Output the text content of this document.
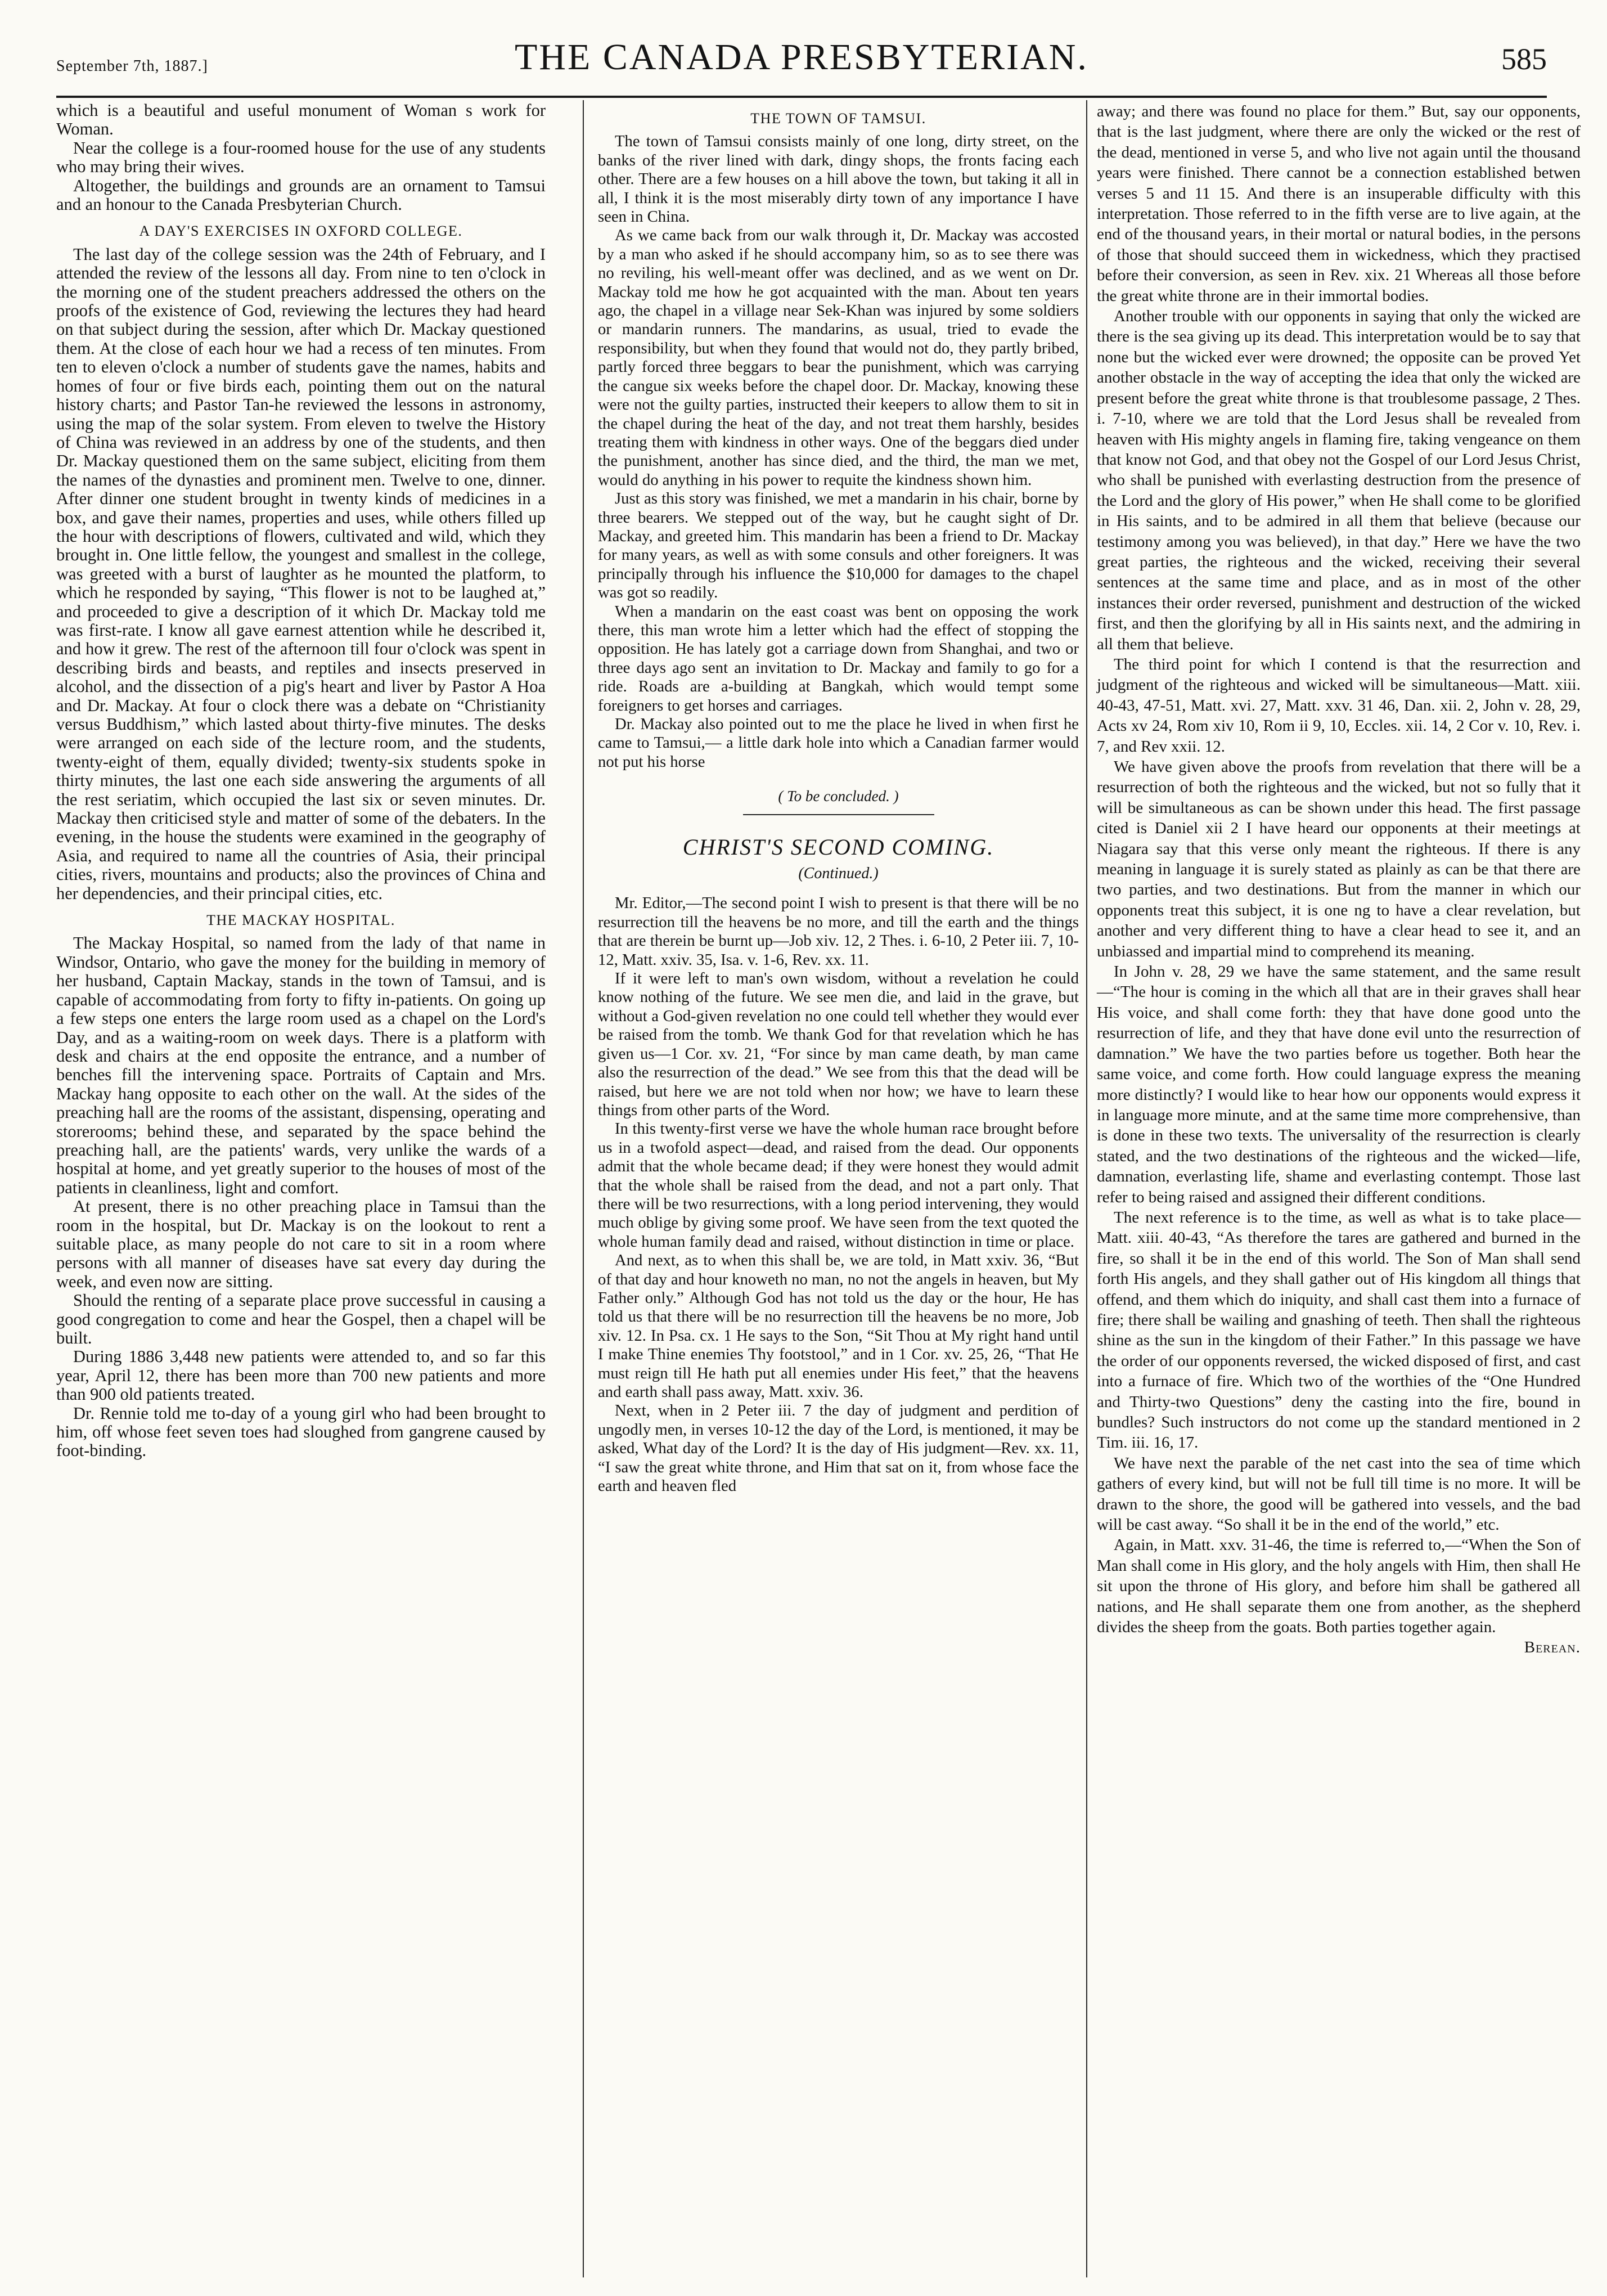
September 7th, 1887.]	THE CANADA PRESBYTERIAN.	585

which is a beautiful and useful monument of Woman s work for Woman.

Near the college is a four-roomed house for the use of any students who may bring their wives.

Altogether, the buildings and grounds are an ornament to Tamsui and an honour to the Canada Presbyterian Church.

A DAY'S EXERCISES IN OXFORD COLLEGE.

The last day of the college session was the 24th of February, and I attended the review of the lessons all day. From nine to ten o'clock in the morning one of the student preachers addressed the others on the proofs of the existence of God, reviewing the lectures they had heard on that subject during the session, after which Dr. Mackay questioned them. At the close of each hour we had a recess of ten minutes. From ten to eleven o'clock a number of students gave the names, habits and homes of four or five birds each, pointing them out on the natural history charts; and Pastor Tan-he reviewed the lessons in astronomy, using the map of the solar system. From eleven to twelve the History of China was reviewed in an address by one of the students, and then Dr. Mackay questioned them on the same subject, eliciting from them the names of the dynasties and prominent men. Twelve to one, dinner. After dinner one student brought in twenty kinds of medicines in a box, and gave their names, properties and uses, while others filled up the hour with descriptions of flowers, cultivated and wild, which they brought in. One little fellow, the youngest and smallest in the college, was greeted with a burst of laughter as he mounted the platform, to which he responded by saying, “This flower is not to be laughed at,” and proceeded to give a description of it which Dr. Mackay told me was first-rate. I know all gave earnest attention while he described it, and how it grew. The rest of the afternoon till four o'clock was spent in describing birds and beasts, and reptiles and insects preserved in alcohol, and the dissection of a pig's heart and liver by Pastor A Hoa and Dr. Mackay. At four o clock there was a debate on “Christianity versus Buddhism,” which lasted about thirty-five minutes. The desks were arranged on each side of the lecture room, and the students, twenty-eight of them, equally divided; twenty-six students spoke in thirty minutes, the last one each side answering the arguments of all the rest seriatim, which occupied the last six or seven minutes. Dr. Mackay then criticised style and matter of some of the debaters. In the evening, in the house the students were examined in the geography of Asia, and required to name all the countries of Asia, their principal cities, rivers, mountains and products; also the provinces of China and her dependencies, and their principal cities, etc.

THE MACKAY HOSPITAL.

The Mackay Hospital, so named from the lady of that name in Windsor, Ontario, who gave the money for the building in memory of her husband, Captain Mackay, stands in the town of Tamsui, and is capable of accommodating from forty to fifty in-patients. On going up a few steps one enters the large room used as a chapel on the Lord's Day, and as a waiting-room on week days. There is a platform with desk and chairs at the end opposite the entrance, and a number of benches fill the intervening space. Portraits of Captain and Mrs. Mackay hang opposite to each other on the wall. At the sides of the preaching hall are the rooms of the assistant, dispensing, operating and storerooms; behind these, and separated by the space behind the preaching hall, are the patients' wards, very unlike the wards of a hospital at home, and yet greatly superior to the houses of most of the patients in cleanliness, light and comfort.

At present, there is no other preaching place in Tamsui than the room in the hospital, but Dr. Mackay is on the lookout to rent a suitable place, as many people do not care to sit in a room where persons with all manner of diseases have sat every day during the week, and even now are sitting.

Should the renting of a separate place prove successful in causing a good congregation to come and hear the Gospel, then a chapel will be built.

During 1886 3,448 new patients were attended to, and so far this year, April 12, there has been more than 700 new patients and more than 900 old patients treated.

Dr. Rennie told me to-day of a young girl who had been brought to him, off whose feet seven toes had sloughed from gangrene caused by foot-binding.

THE TOWN OF TAMSUI.

The town of Tamsui consists mainly of one long, dirty street, on the banks of the river lined with dark, dingy shops, the fronts facing each other. There are a few houses on a hill above the town, but taking it all in all, I think it is the most miserably dirty town of any importance I have seen in China.

As we came back from our walk through it, Dr. Mackay was accosted by a man who asked if he should accompany him, so as to see there was no reviling, his well-meant offer was declined, and as we went on Dr. Mackay told me how he got acquainted with the man. About ten years ago, the chapel in a village near Sek-Khan was injured by some soldiers or mandarin runners. The mandarins, as usual, tried to evade the responsibility, but when they found that would not do, they partly bribed, partly forced three beggars to bear the punishment, which was carrying the cangue six weeks before the chapel door. Dr. Mackay, knowing these were not the guilty parties, instructed their keepers to allow them to sit in the chapel during the heat of the day, and not treat them harshly, besides treating them with kindness in other ways. One of the beggars died under the punishment, another has since died, and the third, the man we met, would do anything in his power to requite the kindness shown him.

Just as this story was finished, we met a mandarin in his chair, borne by three bearers. We stepped out of the way, but he caught sight of Dr. Mackay, and greeted him. This mandarin has been a friend to Dr. Mackay for many years, as well as with some consuls and other foreigners. It was principally through his influence the $10,000 for damages to the chapel was got so readily.

When a mandarin on the east coast was bent on opposing the work there, this man wrote him a letter which had the effect of stopping the opposition. He has lately got a carriage down from Shanghai, and two or three days ago sent an invitation to Dr. Mackay and family to go for a ride. Roads are a-building at Bangkah, which would tempt some foreigners to get horses and carriages.

Dr. Mackay also pointed out to me the place he lived in when first he came to Tamsui,— a little dark hole into which a Canadian farmer would not put his horse

( To be concluded. )
CHRIST'S SECOND COMING.
(Continued.)

Mr. Editor,—The second point I wish to present is that there will be no resurrection till the heavens be no more, and till the earth and the things that are therein be burnt up—Job xiv. 12, 2 Thes. i. 6-10, 2 Peter iii. 7, 10-12, Matt. xxiv. 35, Isa. v. 1-6, Rev. xx. 11.

If it were left to man's own wisdom, without a revelation he could know nothing of the future. We see men die, and laid in the grave, but without a God-given revelation no one could tell whether they would ever be raised from the tomb. We thank God for that revelation which he has given us—1 Cor. xv. 21, “For since by man came death, by man came also the resurrection of the dead.” We see from this that the dead will be raised, but here we are not told when nor how; we have to learn these things from other parts of the Word.

In this twenty-first verse we have the whole human race brought before us in a twofold aspect—dead, and raised from the dead. Our opponents admit that the whole became dead; if they were honest they would admit that the whole shall be raised from the dead, and not a part only. That there will be two resurrections, with a long period intervening, they would much oblige by giving some proof. We have seen from the text quoted the whole human family dead and raised, without distinction in time or place.

And next, as to when this shall be, we are told, in Matt xxiv. 36, “But of that day and hour knoweth no man, no not the angels in heaven, but My Father only.” Although God has not told us the day or the hour, He has told us that there will be no resurrection till the heavens be no more, Job xiv. 12. In Psa. cx. 1 He says to the Son, “Sit Thou at My right hand until I make Thine enemies Thy footstool,” and in 1 Cor. xv. 25, 26, “That He must reign till He hath put all enemies under His feet,” that the heavens and earth shall pass away, Matt. xxiv. 36.

Next, when in 2 Peter iii. 7 the day of judgment and perdition of ungodly men, in verses 10-12 the day of the Lord, is mentioned, it may be asked, What day of the Lord? It is the day of His judgment—Rev. xx. 11, “I saw the great white throne, and Him that sat on it, from whose face the earth and heaven fled

away; and there was found no place for them.” But, say our opponents, that is the last judgment, where there are only the wicked or the rest of the dead, mentioned in verse 5, and who live not again until the thousand years were finished. There cannot be a connection established betwen verses 5 and 11 15. And there is an insuperable difficulty with this interpretation. Those referred to in the fifth verse are to live again, at the end of the thousand years, in their mortal or natural bodies, in the persons of those that should succeed them in wickedness, which they practised before their conversion, as seen in Rev. xix. 21 Whereas all those before the great white throne are in their immortal bodies.

Another trouble with our opponents in saying that only the wicked are there is the sea giving up its dead. This interpretation would be to say that none but the wicked ever were drowned; the opposite can be proved Yet another obstacle in the way of accepting the idea that only the wicked are present before the great white throne is that troublesome passage, 2 Thes. i. 7-10, where we are told that the Lord Jesus shall be revealed from heaven with His mighty angels in flaming fire, taking vengeance on them that know not God, and that obey not the Gospel of our Lord Jesus Christ, who shall be punished with everlasting destruction from the presence of the Lord and the glory of His power,” when He shall come to be glorified in His saints, and to be admired in all them that believe (because our testimony among you was believed), in that day.” Here we have the two great parties, the righteous and the wicked, receiving their several sentences at the same time and place, and as in most of the other instances their order reversed, punishment and destruction of the wicked first, and then the glorifying by all in His saints next, and the admiring in all them that believe.

The third point for which I contend is that the resurrection and judgment of the righteous and wicked will be simultaneous—Matt. xiii. 40-43, 47-51, Matt. xvi. 27, Matt. xxv. 31 46, Dan. xii. 2, John v. 28, 29, Acts xv 24, Rom xiv 10, Rom ii 9, 10, Eccles. xii. 14, 2 Cor v. 10, Rev. i. 7, and Rev xxii. 12.

We have given above the proofs from revelation that there will be a resurrection of both the righteous and the wicked, but not so fully that it will be simultaneous as can be shown under this head. The first passage cited is Daniel xii 2 I have heard our opponents at their meetings at Niagara say that this verse only meant the righteous. If there is any meaning in language it is surely stated as plainly as can be that there are two parties, and two destinations. But from the manner in which our opponents treat this subject, it is one ng to have a clear revelation, but another and very different thing to have a clear head to see it, and an unbiassed and impartial mind to comprehend its meaning.

In John v. 28, 29 we have the same statement, and the same result—“The hour is coming in the which all that are in their graves shall hear His voice, and shall come forth: they that have done good unto the resurrection of life, and they that have done evil unto the resurrection of damnation.” We have the two parties before us together. Both hear the same voice, and come forth. How could language express the meaning more distinctly? I would like to hear how our opponents would express it in language more minute, and at the same time more comprehensive, than is done in these two texts. The universality of the resurrection is clearly stated, and the two destinations of the righteous and the wicked—life, damnation, everlasting life, shame and everlasting contempt. Those last refer to being raised and assigned their different conditions.

The next reference is to the time, as well as what is to take place—Matt. xiii. 40-43, “As therefore the tares are gathered and burned in the fire, so shall it be in the end of this world. The Son of Man shall send forth His angels, and they shall gather out of His kingdom all things that offend, and them which do iniquity, and shall cast them into a furnace of fire; there shall be wailing and gnashing of teeth. Then shall the righteous shine as the sun in the kingdom of their Father.” In this passage we have the order of our opponents reversed, the wicked disposed of first, and cast into a furnace of fire. Which two of the worthies of the “One Hundred and Thirty-two Questions” deny the casting into the fire, bound in bundles? Such instructors do not come up the standard mentioned in 2 Tim. iii. 16, 17.

We have next the parable of the net cast into the sea of time which gathers of every kind, but will not be full till time is no more. It will be drawn to the shore, the good will be gathered into vessels, and the bad will be cast away. “So shall it be in the end of the world,” etc.

Again, in Matt. xxv. 31-46, the time is referred to,—“When the Son of Man shall come in His glory, and the holy angels with Him, then shall He sit upon the throne of His glory, and before him shall be gathered all nations, and He shall separate them one from another, as the shepherd divides the sheep from the goats. Both parties together again.

Berean.
